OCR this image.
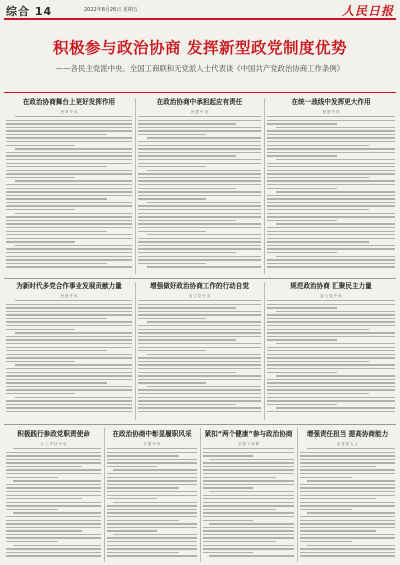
综合 14	2022年8月26日 星期五	人民日报
积极参与政治协商 发挥新型政党制度优势
——各民主党派中央、全国工商联和无党派人士代表谈《中国共产党政治协商工作条例》
在政治协商舞台上更好发挥作用
民 革 中 央
在政治协商中承担起应有责任
民 盟 中 央
在统一战线中发挥更大作用
民 建 中 央
为新时代多党合作事业发展贡献力量
民 进 中 央
增强做好政治协商工作的行动自觉
农 工 党 中 央
规范政治协商 汇聚民主力量
致 公 党 中 央
积极践行参政党职责使命
九 三 学 社 中 央
在政治协商中彰显履职风采
台 盟 中 央
紧扣“两个健康”参与政治协商
全 国 工 商 联
增强责任担当 提高协商能力
无 党 派 人 士
